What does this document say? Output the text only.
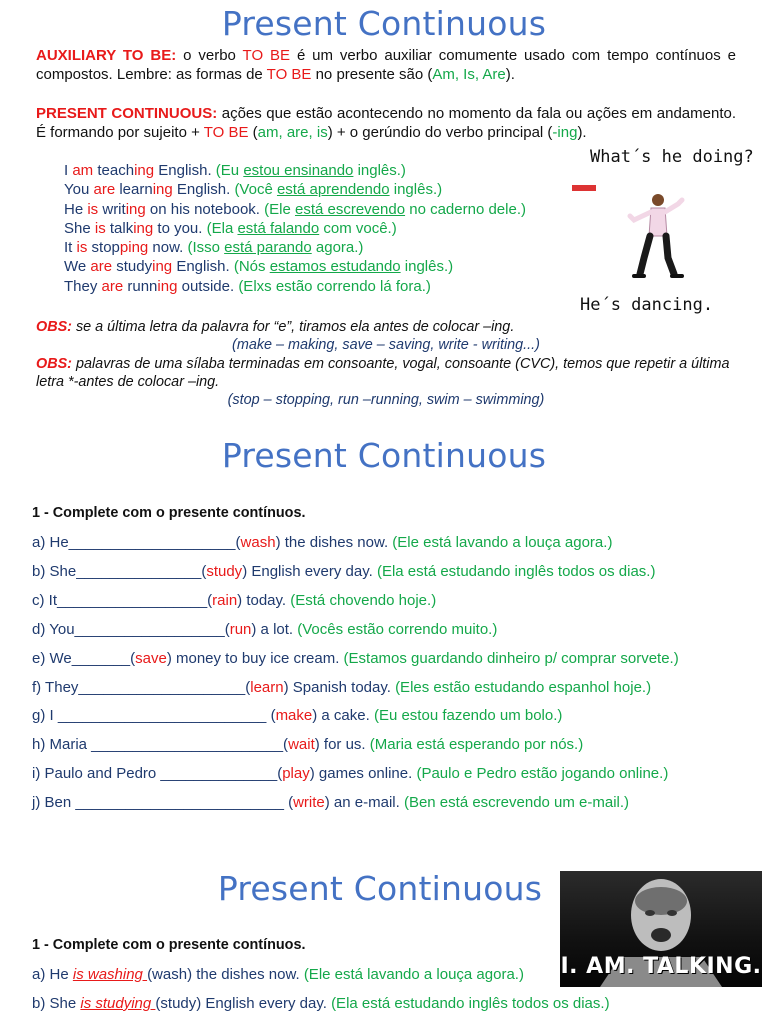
Present Continuous
AUXILIARY TO BE: o verbo TO BE é um verbo auxiliar comumente usado com tempo contínuos e compostos. Lembre: as formas de TO BE no presente são (Am, Is, Are).
PRESENT CONTINUOUS: ações que estão acontecendo no momento da fala ou ações em andamento. É formando por sujeito + TO BE (am, are, is) + o gerúndio do verbo principal (-ing).
I am teaching English. (Eu estou ensinando inglês.)
You are learning English. (Você está aprendendo inglês.)
He is writing on his notebook. (Ele está escrevendo no caderno dele.)
She is talking to you. (Ela está falando com você.)
It is stopping now. (Isso está parando agora.)
We are studying English. (Nós estamos estudando inglês.)
They are running outside. (Elxs estão correndo lá fora.)
What´s he doing?
He´s dancing.
OBS: se a última letra da palavra for “e”, tiramos ela antes de colocar –ing.
(make – making, save – saving, write - writing...)
OBS: palavras de uma sílaba terminadas em consoante, vogal, consoante (CVC), temos que repetir a última letra *-antes de colocar –ing.
(stop – stopping, run –running, swim – swimming)
Present Continuous
1 - Complete com o presente contínuos.
a) He____________________(wash) the dishes now. (Ele está lavando a louça agora.)
b) She_______________(study) English every day. (Ela está estudando inglês todos os dias.)
c) It__________________(rain) today. (Está chovendo hoje.)
d) You__________________(run) a lot. (Vocês estão correndo muito.)
e) We_______(save) money to buy ice cream. (Estamos guardando dinheiro p/ comprar sorvete.)
f) They____________________(learn) Spanish today. (Eles estão estudando espanhol hoje.)
g) I _________________________ (make) a cake. (Eu estou fazendo um bolo.)
h) Maria _______________________(wait) for us. (Maria está esperando por nós.)
i) Paulo and Pedro ______________(play) games online. (Paulo e Pedro estão jogando online.)
j) Ben _________________________ (write) an e-mail. (Ben está escrevendo um e-mail.)
Present Continuous
1 - Complete com o presente contínuos.
a) He is washing (wash) the dishes now. (Ele está lavando a louça agora.)
b) She is studying (study) English every day. (Ela está estudando inglês todos os dias.)
I. AM. TALKING.
